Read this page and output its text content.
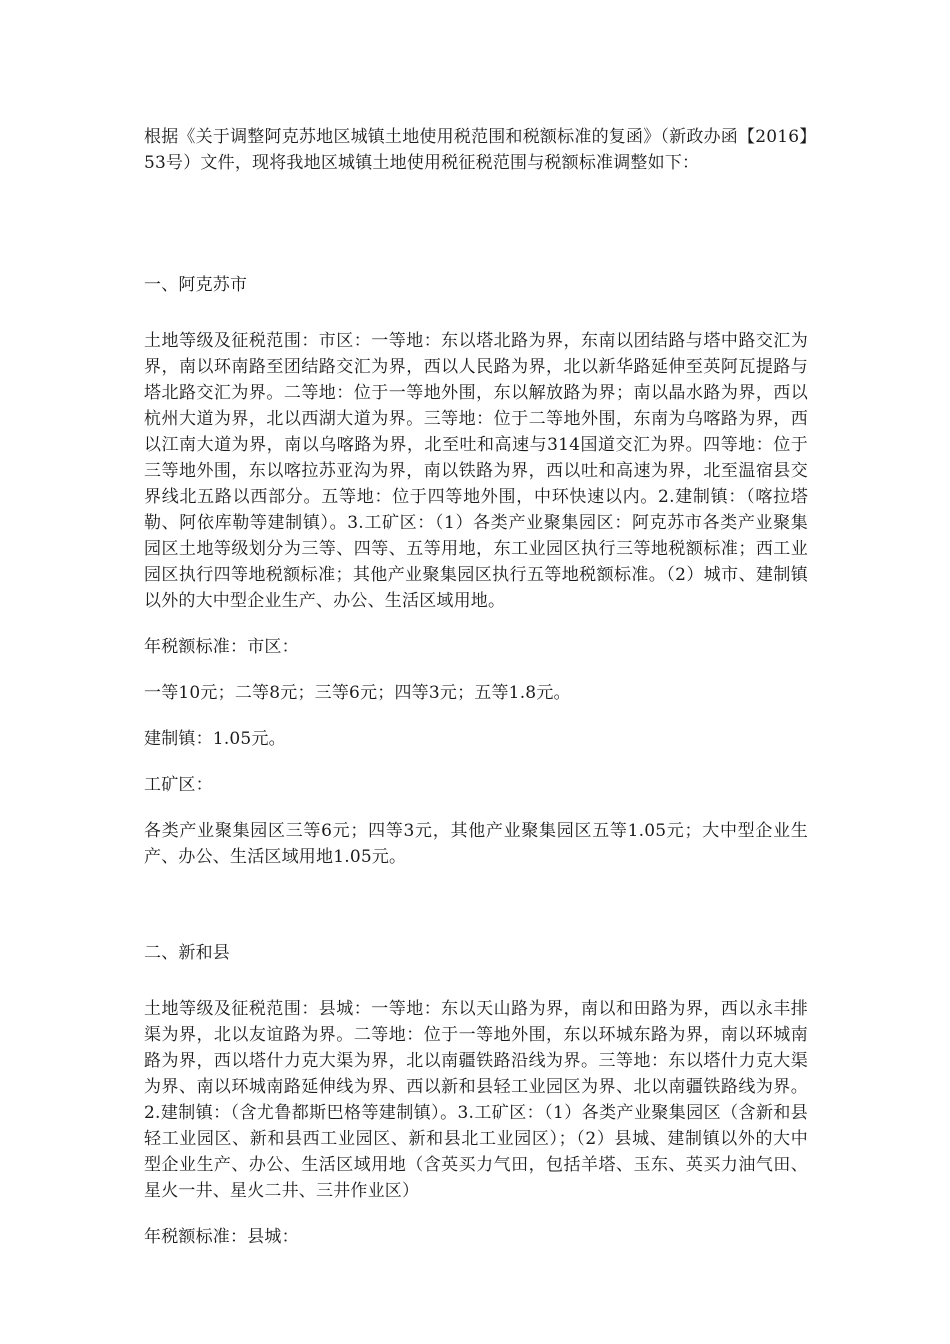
根据《关于调整阿克苏地区城镇土地使用税范围和税额标准的复函》（新政办函【2016】53号）文件，现将我地区城镇土地使用税征税范围与税额标准调整如下：

一、阿克苏市

土地等级及征税范围：市区：一等地：东以塔北路为界，东南以团结路与塔中路交汇为界，南以环南路至团结路交汇为界，西以人民路为界，北以新华路延伸至英阿瓦提路与塔北路交汇为界。二等地：位于一等地外围，东以解放路为界；南以晶水路为界，西以杭州大道为界，北以西湖大道为界。三等地：位于二等地外围，东南为乌喀路为界，西以江南大道为界，南以乌喀路为界，北至吐和高速与314国道交汇为界。四等地：位于三等地外围，东以喀拉苏亚沟为界，南以铁路为界，西以吐和高速为界，北至温宿县交界线北五路以西部分。五等地：位于四等地外围，中环快速以内。2.建制镇：（喀拉塔勒、阿依库勒等建制镇）。3.工矿区：（1）各类产业聚集园区：阿克苏市各类产业聚集园区土地等级划分为三等、四等、五等用地，东工业园区执行三等地税额标准；西工业园区执行四等地税额标准；其他产业聚集园区执行五等地税额标准。（2）城市、建制镇以外的大中型企业生产、办公、生活区域用地。

年税额标准：市区：

一等10元；二等8元；三等6元；四等3元；五等1.8元。

建制镇：1.05元。

工矿区：

各类产业聚集园区三等6元；四等3元，其他产业聚集园区五等1.05元；大中型企业生产、办公、生活区域用地1.05元。

二、新和县

土地等级及征税范围：县城：一等地：东以天山路为界，南以和田路为界，西以永丰排渠为界，北以友谊路为界。二等地：位于一等地外围，东以环城东路为界，南以环城南路为界，西以塔什力克大渠为界，北以南疆铁路沿线为界。三等地：东以塔什力克大渠为界、南以环城南路延伸线为界、西以新和县轻工业园区为界、北以南疆铁路线为界。2.建制镇：（含尤鲁都斯巴格等建制镇）。3.工矿区：（1）各类产业聚集园区（含新和县轻工业园区、新和县西工业园区、新和县北工业园区）；（2）县城、建制镇以外的大中型企业生产、办公、生活区域用地（含英买力气田，包括羊塔、玉东、英买力油气田、星火一井、星火二井、三井作业区）

年税额标准：县城：
